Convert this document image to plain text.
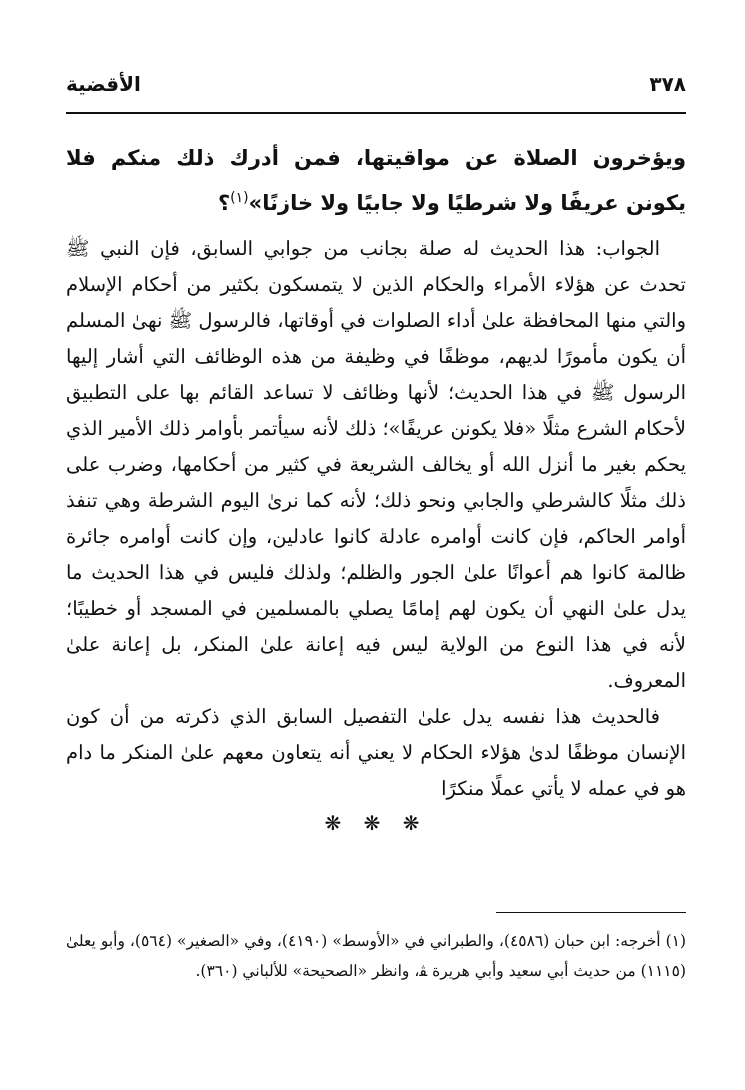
٣٧٨
الأقضية

ويؤخرون الصلاة عن مواقيتها، فمن أدرك ذلك منكم فلا يكونن عريفًا ولا شرطيًا ولا جابيًا ولا خازنًا»$^{(١)}$؟

الجواب: هذا الحديث له صلة بجانب من جوابي السابق، فإن النبي ﷺ تحدث عن هؤلاء الأمراء والحكام الذين لا يتمسكون بكثير من أحكام الإسلام والتي منها المحافظة علىٰ أداء الصلوات في أوقاتها، فالرسول ﷺ نهىٰ المسلم أن يكون مأمورًا لديهم، موظفًا في وظيفة من هذه الوظائف التي أشار إليها الرسول ﷺ في هذا الحديث؛ لأنها وظائف لا تساعد القائم بها على التطبيق لأحكام الشرع مثلًا «فلا يكونن عريفًا»؛ ذلك لأنه سيأتمر بأوامر ذلك الأمير الذي يحكم بغير ما أنزل الله أو يخالف الشريعة في كثير من أحكامها، وضرب على ذلك مثلًا كالشرطي والجابي ونحو ذلك؛ لأنه كما نرىٰ اليوم الشرطة وهي تنفذ أوامر الحاكم، فإن كانت أوامره عادلة كانوا عادلين، وإن كانت أوامره جائرة ظالمة كانوا هم أعوانًا علىٰ الجور والظلم؛ ولذلك فليس في هذا الحديث ما يدل علىٰ النهي أن يكون لهم إمامًا يصلي بالمسلمين في المسجد أو خطيبًا؛ لأنه في هذا النوع من الولاية ليس فيه إعانة علىٰ المنكر، بل إعانة علىٰ المعروف.

فالحديث هذا نفسه يدل علىٰ التفصيل السابق الذي ذكرته من أن كون الإنسان موظفًا لدىٰ هؤلاء الحكام لا يعني أنه يتعاون معهم علىٰ المنكر ما دام هو في عمله لا يأتي عملًا منكرًا

❋ ❋ ❋

(١) أخرجه: ابن حبان (٤٥٨٦)، والطبراني في «الأوسط» (٤١٩٠)، وفي «الصغير» (٥٦٤)، وأبو يعلىٰ (١١١٥) من حديث أبي سعيد وأبي هريرة ﭭ، وانظر «الصحيحة» للألباني (٣٦٠).
